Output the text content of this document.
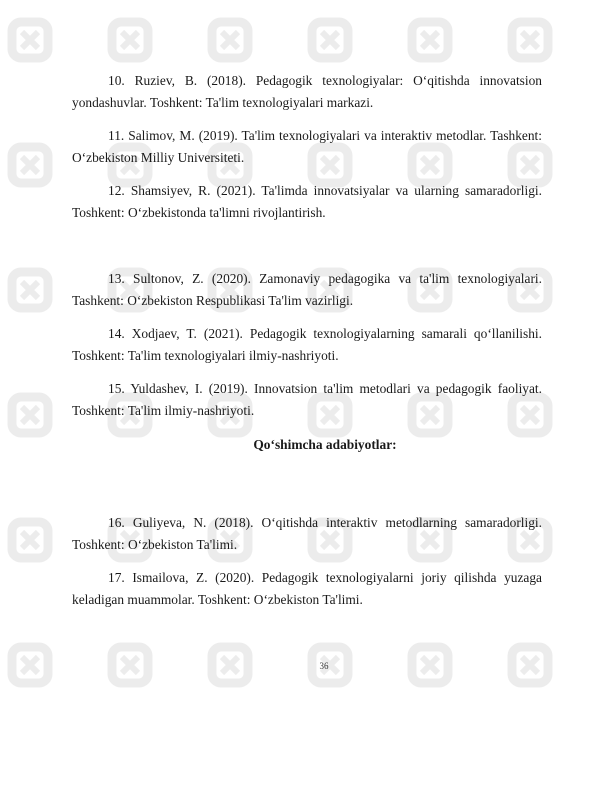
10. Ruziev, B. (2018). Pedagogik texnologiyalar: O‘qitishda innovatsion yondashuvlar. Toshkent: Ta'lim texnologiyalari markazi.

11. Salimov, M. (2019). Ta'lim texnologiyalari va interaktiv metodlar. Tashkent: O‘zbekiston Milliy Universiteti.

12. Shamsiyev, R. (2021). Ta'limda innovatsiyalar va ularning samaradorligi. Toshkent: O‘zbekistonda ta'limni rivojlantirish.

13. Sultonov, Z. (2020). Zamonaviy pedagogika va ta'lim texnologiyalari. Tashkent: O‘zbekiston Respublikasi Ta'lim vazirligi.

14. Xodjaev, T. (2021). Pedagogik texnologiyalarning samarali qo‘llanilishi. Toshkent: Ta'lim texnologiyalari ilmiy-nashriyoti.

15. Yuldashev, I. (2019). Innovatsion ta'lim metodlari va pedagogik faoliyat. Toshkent: Ta'lim ilmiy-nashriyoti.

Qo‘shimcha adabiyotlar:

16. Guliyeva, N. (2018). O‘qitishda interaktiv metodlarning samaradorligi. Toshkent: O‘zbekiston Ta'limi.

17. Ismailova, Z. (2020). Pedagogik texnologiyalarni joriy qilishda yuzaga keladigan muammolar. Toshkent: O‘zbekiston Ta'limi.

36
